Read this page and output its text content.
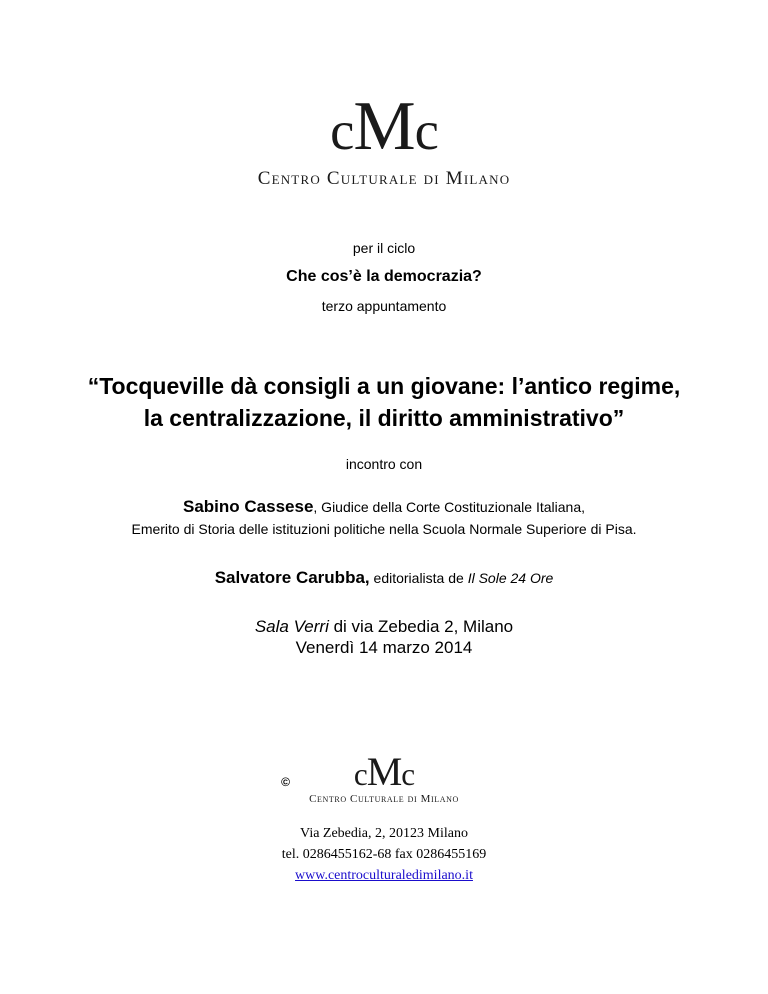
cMc
Centro Culturale di Milano
per il ciclo
Che cos’è la democrazia?
terzo appuntamento
“Tocqueville dà consigli a un giovane: l’antico regime,
la centralizzazione, il diritto amministrativo”
incontro con
Sabino Cassese, Giudice della Corte Costituzionale Italiana,
Emerito di Storia delle istituzioni politiche nella Scuola Normale Superiore di Pisa.
Salvatore Carubba, editorialista de Il Sole 24 Ore
Sala Verri di via Zebedia 2, Milano
Venerdì 14 marzo 2014
© cMc
Centro Culturale di Milano
Via Zebedia, 2, 20123 Milano
tel. 0286455162-68 fax 0286455169
www.centroculturaledimilano.it
